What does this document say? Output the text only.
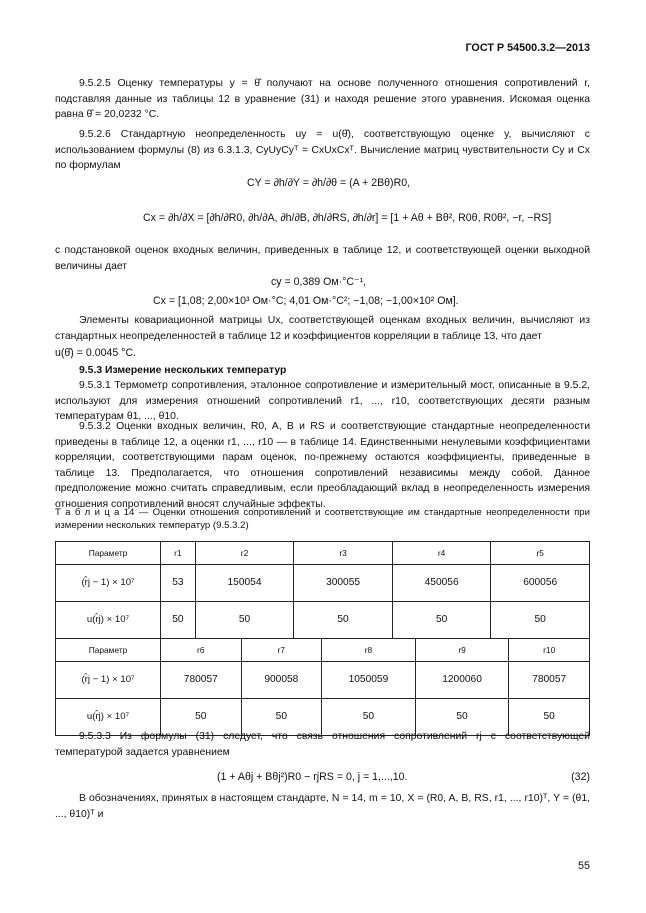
ГОСТ Р 54500.3.2—2013
9.5.2.5 Оценку температуры y = θ̂ получают на основе полученного отношения сопротивлений r, подставляя данные из таблицы 12 в уравнение (31) и находя решение этого уравнения. Искомая оценка равна θ̂ = 20,0232 °C.
9.5.2.6 Стандартную неопределенность uy = u(θ̂), соответствующую оценке y, вычисляют с использованием формулы (8) из 6.3.1.3, CyUyCyᵀ = CxUxCxᵀ. Вычисление матриц чувствительности Cy и Cx по формулам
CY = ∂h/∂Y = ∂h/∂θ = (A + 2Bθ)R0,
Cx = ∂h/∂X = [∂h/∂R0, ∂h/∂A, ∂h/∂B, ∂h/∂RS, ∂h/∂r] = [1 + Aθ + Bθ², R0θ, R0θ², −r, −RS]
с подстановкой оценок входных величин, приведенных в таблице 12, и соответствующей оценки выходной величины дает
cy = 0,389 Ом·°C⁻¹,
Cx = [1,08; 2,00×10³ Ом·°C; 4,01 Ом·°C²; −1,08; −1,00×10² Ом].
Элементы ковариационной матрицы Ux, соответствующей оценкам входных величин, вычисляют из стандартных неопределенностей в таблице 12 и коэффициентов корреляции в таблице 13, что дает
u(θ̂) = 0.0045 °C.
9.5.3 Измерение нескольких температур
9.5.3.1 Термометр сопротивления, эталонное сопротивление и измерительный мост, описанные в 9.5.2, используют для измерения отношений сопротивлений r1, ..., r10, соответствующих десяти разным температурам θ1, ..., θ10.
9.5.3.2 Оценки входных величин, R0, A, B и RS и соответствующие стандартные неопределенности приведены в таблице 12, а оценки r1, ..., r10 — в таблице 14. Единственными ненулевыми коэффициентами корреляции, соответствующими парам оценок, по-прежнему остаются коэффициенты, приведенные в таблице 13. Предполагается, что отношения сопротивлений независимы между собой. Данное предположение можно считать справедливым, если преобладающий вклад в неопределенность измерения отношения сопротивлений вносят случайные эффекты.
Т а б л и ц а 14 — Оценки отношения сопротивлений и соответствующие им стандартные неопределенности при измерении нескольких температур (9.5.3.2)
Параметр	r1	r2	r3	r4	r5
(r̂j − 1) × 10⁷	53	150054	300055	450056	600056
u(r̂j) × 10⁷	50	50	50	50	50
Параметр	r6	r7	r8	r9	r10
(r̂j − 1) × 10⁷	780057	900058	1050059	1200060	780057
u(r̂j) × 10⁷	50	50	50	50	50
9.5.3.3 Из формулы (31) следует, что связь отношения сопротивлений rj с соответствующей температурой задается уравнением
(1 + Aθj + Bθj²)R0 − rjRS = 0, j = 1,...,10.	(32)
В обозначениях, принятых в настоящем стандарте, N = 14, m = 10, X = (R0, A, B, RS, r1, ..., r10)ᵀ, Y = (θ1, ..., θ10)ᵀ и
55
